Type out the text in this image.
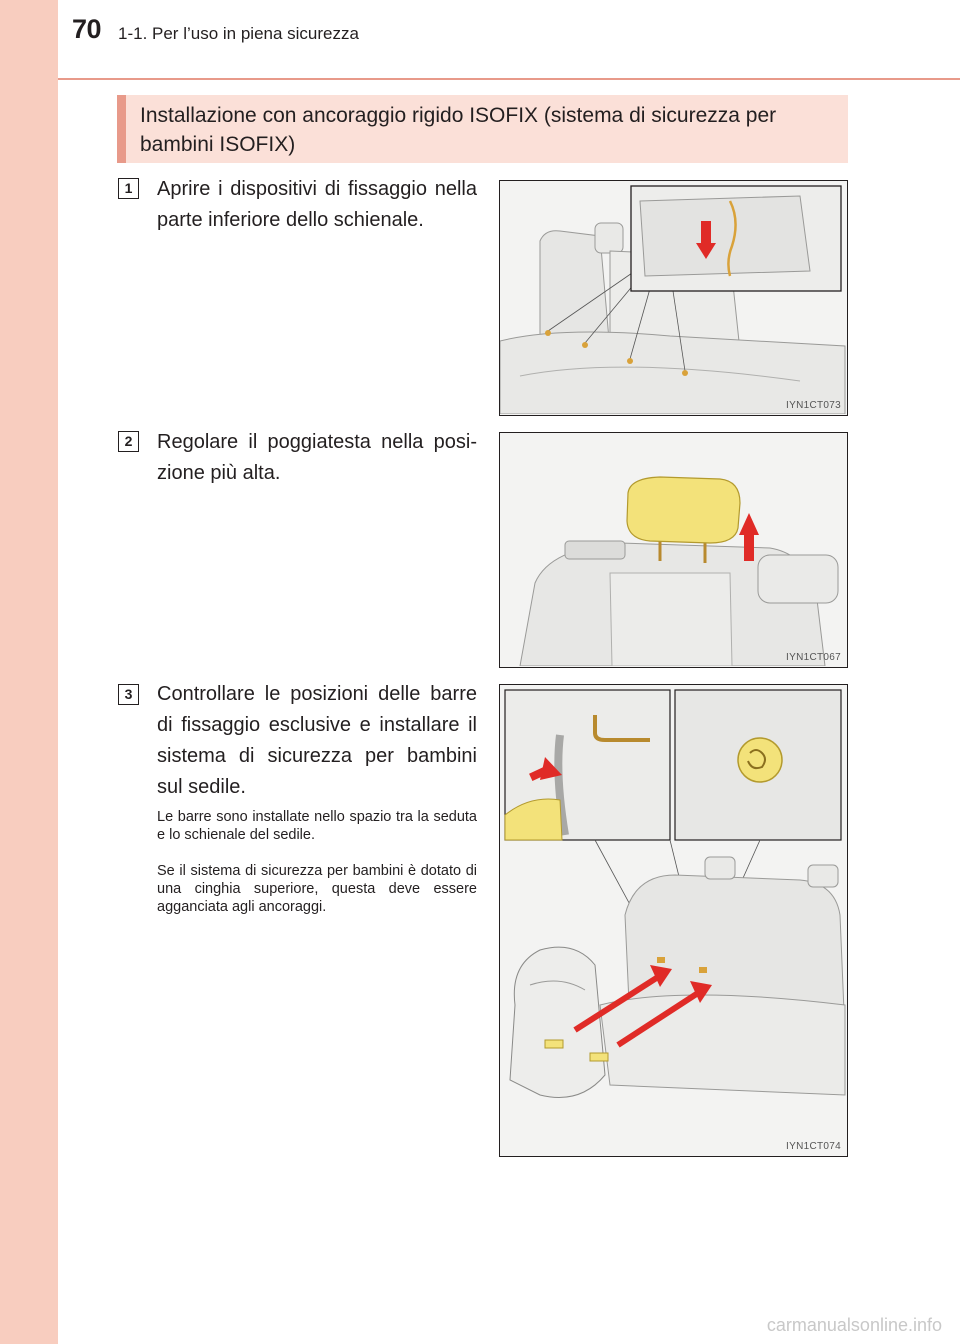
70 1-1. Per l’uso in piena sicurezza
Installazione con ancoraggio rigido ISOFIX (sistema di sicurezza per bambini ISOFIX)
1	Aprire i dispositivi di fissaggio nella parte inferiore dello schienale.
IYN1CT073
2	Regolare il poggiatesta nella posi-zione più alta.
IYN1CT067
3	Controllare le posizioni delle barre di fissaggio esclusive e installare il sistema di sicurezza per bambini sul sedile.
Le barre sono installate nello spazio tra la seduta e lo schienale del sedile.
Se il sistema di sicurezza per bambini è dotato di una cinghia superiore, questa deve essere agganciata agli ancoraggi.
IYN1CT074
carmanualsonline.info
